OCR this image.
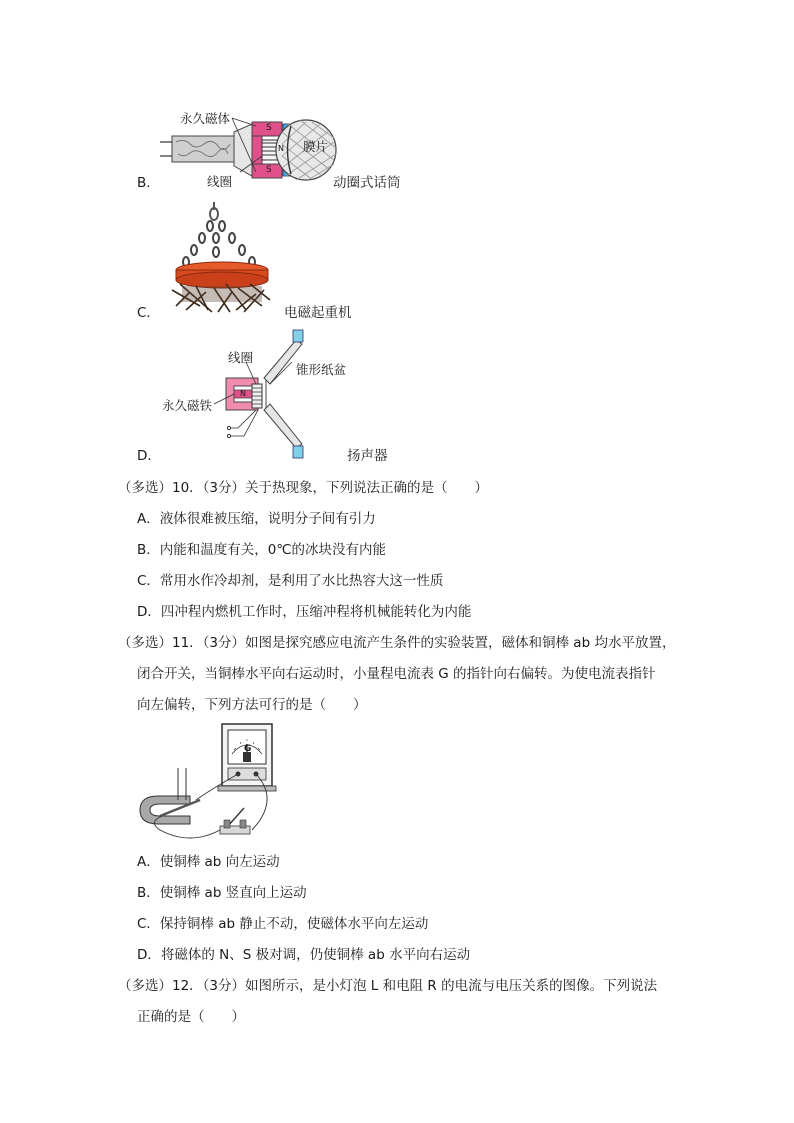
B．
永久磁体
膜片
线圈
S
S
N
动圈式话筒
C．	电磁起重机
D．
线圈
锥形纸盆
永久磁铁
N
扬声器
（多选）10．（3分）关于热现象，下列说法正确的是（　　）
A．液体很难被压缩，说明分子间有引力
B．内能和温度有关，0℃的冰块没有内能
C．常用水作冷却剂，是利用了水比热容大这一性质
D．四冲程内燃机工作时，压缩冲程将机械能转化为内能
（多选）11．（3分）如图是探究感应电流产生条件的实验装置，磁体和铜棒 ab 均水平放置，
闭合开关，当铜棒水平向右运动时，小量程电流表 G 的指针向右偏转。为使电流表指针
向左偏转，下列方法可行的是（　　）
G
A．使铜棒 ab 向左运动
B．使铜棒 ab 竖直向上运动
C．保持铜棒 ab 静止不动，使磁体水平向左运动
D．将磁体的 N、S 极对调，仍使铜棒 ab 水平向右运动
（多选）12．（3分）如图所示，是小灯泡 L 和电阻 R 的电流与电压关系的图像。下列说法
正确的是（　　）
